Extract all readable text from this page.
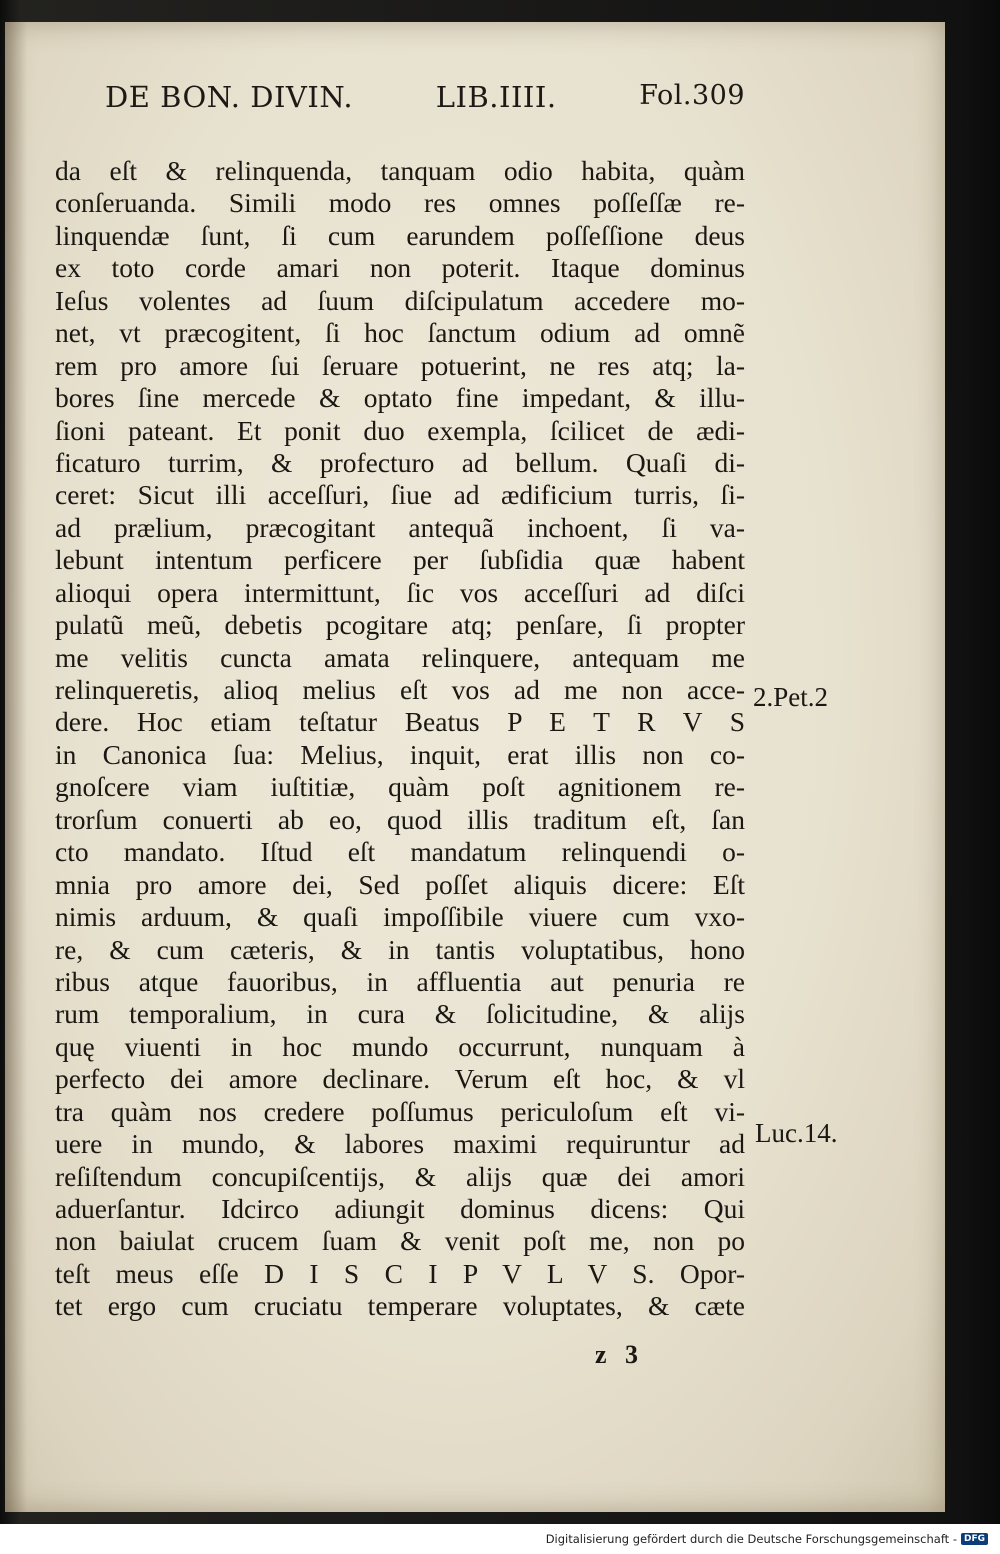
DE BON. DIVIN.	LIB.IIII.	Fol.309

da eſt & relinquenda, tanquam odio habita, quàm
conſeruanda. Simili modo res omnes poſſeſſæ re-
linquendæ ſunt, ſi cum earundem poſſeſſione deus
ex toto corde amari non poterit. Itaque dominus
Ieſus volentes ad ſuum diſcipulatum accedere mo-
net, vt præcogitent, ſi hoc ſanctum odium ad omnẽ
rem pro amore ſui ſeruare potuerint, ne res atq; la-
bores ſine mercede & optato fine impedant, & illu-
ſioni pateant. Et ponit duo exempla, ſcilicet de ædi-
ficaturo turrim, & profecturo ad bellum. Quaſi di-
ceret: Sicut illi acceſſuri, ſiue ad ædificium turris, ſi-
ad prælium, præcogitant antequã inchoent, ſi va-
lebunt intentum perficere per ſubſidia quæ habent
alioqui opera intermittunt, ſic vos acceſſuri ad diſci
pulatũ meũ, debetis pcogitare atq; penſare, ſi propter
me velitis cuncta amata relinquere, antequam me
relinqueretis, alioq melius eſt vos ad me non acce-
dere. Hoc etiam teſtatur Beatus P E T R V S
in Canonica ſua: Melius, inquit, erat illis non co-
gnoſcere viam iuſtitiæ, quàm poſt agnitionem re-
trorſum conuerti ab eo, quod illis traditum eſt, ſan
cto mandato. Iſtud eſt mandatum relinquendi o-
mnia pro amore dei, Sed poſſet aliquis dicere: Eſt
nimis arduum, & quaſi impoſſibile viuere cum vxo-
re, & cum cæteris, & in tantis voluptatibus, hono
ribus atque fauoribus, in affluentia aut penuria re
rum temporalium, in cura & ſolicitudine, & alijs
quę viuenti in hoc mundo occurrunt, nunquam à
perfecto dei amore declinare. Verum eſt hoc, & vl
tra quàm nos credere poſſumus periculoſum eſt vi-
uere in mundo, & labores maximi requiruntur ad
reſiſtendum concupiſcentijs, & alijs quæ dei amori
aduerſantur. Idcirco adiungit dominus dicens: Qui
non baiulat crucem ſuam & venit poſt me, non po
teſt meus eſſe D I S C I P V L V S. Opor-
tet ergo cum cruciatu temperare voluptates, & cæte
2.Pet.2
Luc.14.
z 3
Digitalisierung gefördert durch die Deutsche Forschungsgemeinschaft - DFG
